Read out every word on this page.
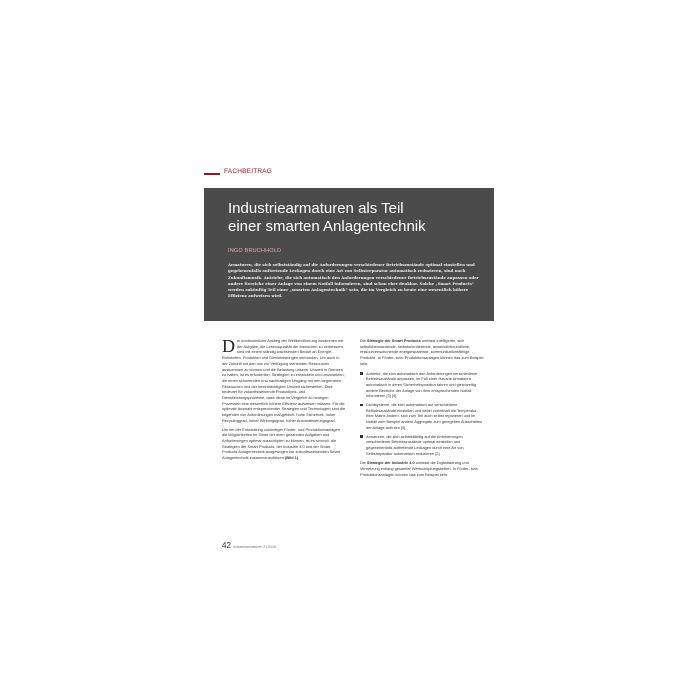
FACHBEITRAG
Industriearmaturen als Teil
einer smarten Anlagentechnik
INGO BRUCHHOLD

Armaturen, die sich selbstständig auf die Anforderungen verschiedener Betriebszustände optimal einstellen und gegebenenfalls auftretende Leckagen durch eine Art von Selbstreparatur automatisch reduzieren, sind noch Zukunftsmusik. Antriebe, die sich automatisch den Anforderungen verschiedener Betriebszustände anpassen oder andere Bereiche einer Anlage von einem Notfall informieren, sind schon eher denkbar. Solche „Smart Products“ werden zukünftig Teil einer „smarten Anlagentechnik“ sein, die im Vergleich zu heute eine wesentlich höhere Effizienz aufweisen wird.

Der kontinuierliche Anstieg der Weltbevölkerung zusammen mit der Aufgabe, die Lebensqualität der Menschen zu verbessern, sind mit einem ständig wachsenden Bedarf an Energie, Rohstoffen, Produkten und Dienstleistungen verbunden. Um auch in der Zukunft mit den uns zur Verfügung stehenden Ressourcen auskommen zu können und die Belastung unserer Umwelt in Grenzen zu halten, ist es erforderlich, Strategien zu entwickeln und umzusetzen, die einen schonenden und nachhaltigen Umgang mit den begrenzten Ressourcen und der beeinträchtigten Umwelt sicherstellen. Dies bedeutet für zukunftsweisende Produktions- und Dienstleistungsprozesse, dass diese im Vergleich zu heutigen Prozessen eine wesentlich höhere Effizienz aufweisen müssen. Für die optimale Auswahl entsprechender Strategien und Technologien sind die folgenden vier Anforderungen maßgeblich: hohe Sicherheit, hoher Recyclinggrad, hoher Wirkungsgrad, hoher Automatisierungsgrad.

Um bei der Entwicklung zukünftiger Förder- und Produktionsanlagen die Möglichkeiten im Sinne der oben genannten Aufgaben und Anforderungen optimal ausschöpfen zu können, ist es sinnvoll, die Strategien der Smart Products, der Industrie 4.0 und der Smart Products Anlagentechnik ausgewogen zur zukunftsweisenden Smart Anlagentechnik zusammenzuführen (Bild 1).

Die Strategie der Smart Products umfasst intelligente, sich selbstüberwachende, selbstorientierende, anwenderfreundliche, ressourcenschonende energiesparende, kommunikationsfähige Produkte. In Förder- bzw. Produktionsanlagen können das zum Beispiel sein:

Antriebe, die sich automatisch den Anforderungen verschiedener Betriebszustände anpassen, im Fall einer Havarie Armaturen automatisch in deren Sicherheitsposition fahren und gleichzeitig andere Bereiche der Anlage von dem entsprechenden Notfall informieren [3] [4].
Dichtsysteme, die sich automatisch auf verschiedene Betriebszustände einstellen und dabei vorteilhaft die Temperatur ihrer Matrix ändern, sich zum Teil auch selbst reparieren und im Notfall zum Beispiel andere Aggregate zum geregelten Ausschalten der Anlage aufrufen [5].
Armaturen, die sich selbstständig auf die Anforderungen verschiedener Betriebszustände optimal einstellen und gegebenenfalls auftretende Leckagen durch eine Art von Selbstreparatur automatisch reduzieren [2].

Die Strategie der Industrie 4.0 umfasst die Digitalisierung und Vernetzung entlang gesamter Wertschöpfungsketten. In Förder- bzw. Produktionsanlagen können das zum Beispiel sein:

42 Industriearmaturen 2 | 2016
